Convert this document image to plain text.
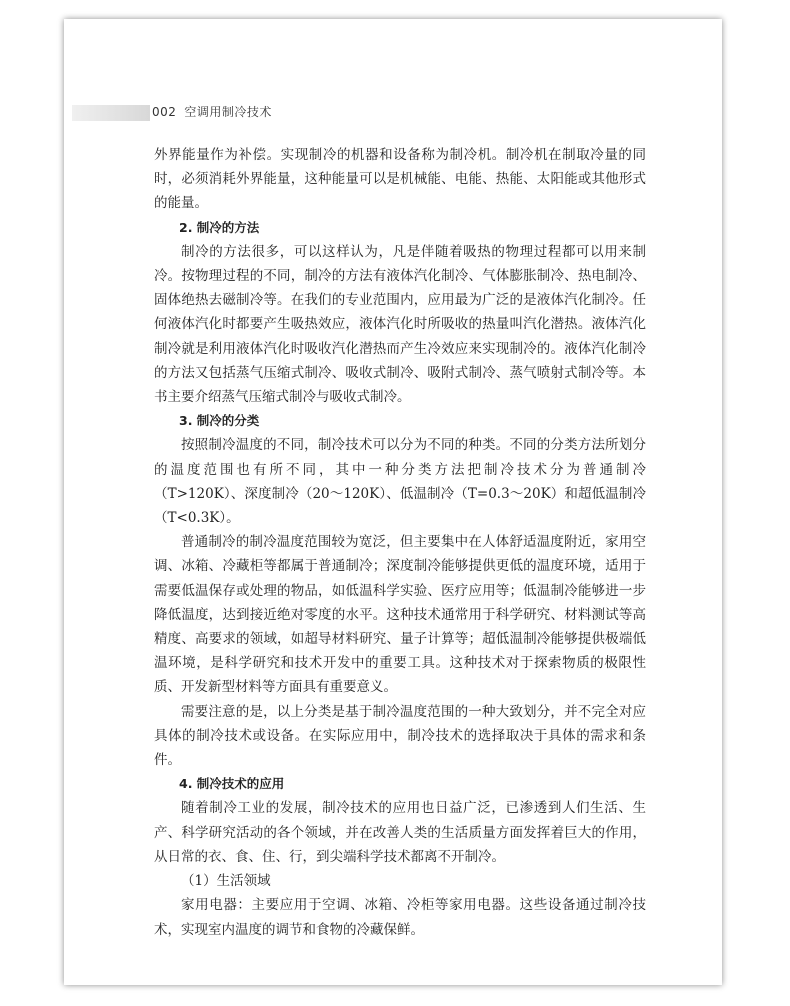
002 空调用制冷技术

外界能量作为补偿。实现制冷的机器和设备称为制冷机。制冷机在制取冷量的同时，必须消耗外界能量，这种能量可以是机械能、电能、热能、太阳能或其他形式的能量。

2. 制冷的方法

制冷的方法很多，可以这样认为，凡是伴随着吸热的物理过程都可以用来制冷。按物理过程的不同，制冷的方法有液体汽化制冷、气体膨胀制冷、热电制冷、固体绝热去磁制冷等。在我们的专业范围内，应用最为广泛的是液体汽化制冷。任何液体汽化时都要产生吸热效应，液体汽化时所吸收的热量叫汽化潜热。液体汽化制冷就是利用液体汽化时吸收汽化潜热而产生冷效应来实现制冷的。液体汽化制冷的方法又包括蒸气压缩式制冷、吸收式制冷、吸附式制冷、蒸气喷射式制冷等。本书主要介绍蒸气压缩式制冷与吸收式制冷。

3. 制冷的分类

按照制冷温度的不同，制冷技术可以分为不同的种类。不同的分类方法所划分的温度范围也有所不同，其中一种分类方法把制冷技术分为普通制冷（T>120K）、深度制冷（20～120K）、低温制冷（T=0.3～20K）和超低温制冷（T<0.3K）。

普通制冷的制冷温度范围较为宽泛，但主要集中在人体舒适温度附近，家用空调、冰箱、冷藏柜等都属于普通制冷；深度制冷能够提供更低的温度环境，适用于需要低温保存或处理的物品，如低温科学实验、医疗应用等；低温制冷能够进一步降低温度，达到接近绝对零度的水平。这种技术通常用于科学研究、材料测试等高精度、高要求的领域，如超导材料研究、量子计算等；超低温制冷能够提供极端低温环境，是科学研究和技术开发中的重要工具。这种技术对于探索物质的极限性质、开发新型材料等方面具有重要意义。

需要注意的是，以上分类是基于制冷温度范围的一种大致划分，并不完全对应具体的制冷技术或设备。在实际应用中，制冷技术的选择取决于具体的需求和条件。

4. 制冷技术的应用

随着制冷工业的发展，制冷技术的应用也日益广泛，已渗透到人们生活、生产、科学研究活动的各个领域，并在改善人类的生活质量方面发挥着巨大的作用，从日常的衣、食、住、行，到尖端科学技术都离不开制冷。

（1）生活领域

家用电器：主要应用于空调、冰箱、冷柜等家用电器。这些设备通过制冷技术，实现室内温度的调节和食物的冷藏保鲜。
